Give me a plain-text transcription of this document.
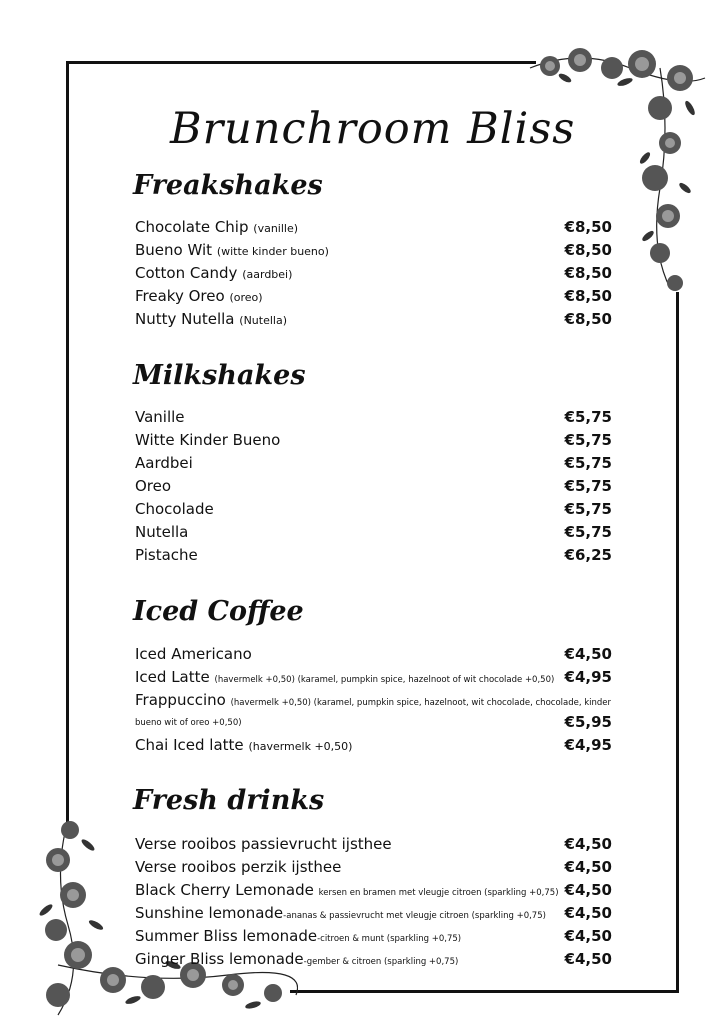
Brunchroom Bliss
Freakshakes
Chocolate Chip (vanille)	€8,50
Bueno Wit (witte kinder bueno)	€8,50
Cotton Candy (aardbei)	€8,50
Freaky Oreo (oreo)	€8,50
Nutty Nutella (Nutella)	€8,50
Milkshakes
Vanille	€5,75
Witte Kinder Bueno	€5,75
Aardbei	€5,75
Oreo	€5,75
Chocolade	€5,75
Nutella	€5,75
Pistache	€6,25
Iced Coffee
Iced Americano	€4,50
Iced Latte (havermelk +0,50) (karamel, pumpkin spice, hazelnoot of wit chocolade +0,50) €4,95
Frappuccino (havermelk +0,50) (karamel, pumpkin spice, hazelnoot, wit chocolade, chocolade, kinder
bueno wit of oreo +0,50)	€5,95
Chai Iced latte (havermelk +0,50)	€4,95
Fresh drinks
Verse rooibos passievrucht ijsthee	€4,50
Verse rooibos perzik ijsthee	€4,50
Black Cherry Lemonade kersen en bramen met vleugje citroen (sparkling +0,75) €4,50
Sunshine lemonade-ananas & passievrucht met vleugje citroen (sparkling +0,75) €4,50
Summer Bliss lemonade-citroen & munt (sparkling +0,75)	€4,50
Ginger Bliss lemonade-gember & citroen (sparkling +0,75)	€4,50
